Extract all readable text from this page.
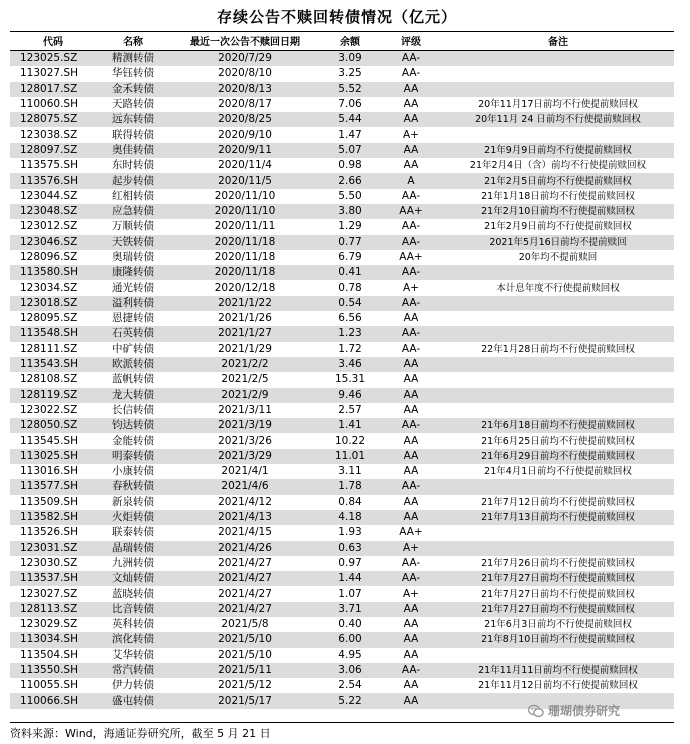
存续公告不赎回转债情况（亿元）
代码	名称	最近一次公告不赎回日期	余额	评级	备注
123025.SZ	精测转债	2020/7/29	3.09	AA-	
113027.SH	华钰转债	2020/8/10	3.25	AA-	
128017.SZ	金禾转债	2020/8/13	5.52	AA	
110060.SH	天路转债	2020/8/17	7.06	AA	20年11月17日前均不行使提前赎回权
128075.SZ	远东转债	2020/8/25	5.44	AA	20年11月 24 日前均不行使提前赎回权
123038.SZ	联得转债	2020/9/10	1.47	A+	
128097.SZ	奥佳转债	2020/9/11	5.07	AA	21年9月9日前均不行使提前赎回权
113575.SH	东时转债	2020/11/4	0.98	AA	21年2月4日（含）前均不行使提前赎回权
113576.SH	起步转债	2020/11/5	2.66	A	21年2月5日前均不行使提前赎回权
123044.SZ	红相转债	2020/11/10	5.50	AA-	21年1月18日前均不行使提前赎回权
123048.SZ	应急转债	2020/11/10	3.80	AA+	21年2月10日前均不行使提前赎回权
123012.SZ	万顺转债	2020/11/11	1.29	AA-	21年2月9日前均不行使提前赎回权
123046.SZ	天铁转债	2020/11/18	0.77	AA-	2021年5月16日前均不提前赎回
128096.SZ	奥瑞转债	2020/11/18	6.79	AA+	20年均不提前赎回
113580.SH	康隆转债	2020/11/18	0.41	AA-	
123034.SZ	通光转债	2020/12/18	0.78	A+	本计息年度不行使提前赎回权
123018.SZ	溢利转债	2021/1/22	0.54	AA-	
128095.SZ	恩捷转债	2021/1/26	6.56	AA	
113548.SH	石英转债	2021/1/27	1.23	AA-	
128111.SZ	中矿转债	2021/1/29	1.72	AA-	22年1月28日前均不行使提前赎回权
113543.SH	欧派转债	2021/2/2	3.46	AA	
128108.SZ	蓝帆转债	2021/2/5	15.31	AA	
128119.SZ	龙大转债	2021/2/9	9.46	AA	
123022.SZ	长信转债	2021/3/11	2.57	AA	
128050.SZ	钧达转债	2021/3/19	1.41	AA-	21年6月18日前均不行使提前赎回权
113545.SH	金能转债	2021/3/26	10.22	AA	21年6月25日前均不行使提前赎回权
113025.SH	明泰转债	2021/3/29	11.01	AA	21年6月29日前均不行使提前赎回权
113016.SH	小康转债	2021/4/1	3.11	AA	21年4月1日前均不行使提前赎回权
113577.SH	春秋转债	2021/4/6	1.78	AA-	
113509.SH	新泉转债	2021/4/12	0.84	AA	21年7月12日前均不行使提前赎回权
113582.SH	火炬转债	2021/4/13	4.18	AA	21年7月13日前均不行使提前赎回权
113526.SH	联泰转债	2021/4/15	1.93	AA+	
123031.SZ	晶瑞转债	2021/4/26	0.63	A+	
123030.SZ	九洲转债	2021/4/27	0.97	AA-	21年7月26日前均不行使提前赎回权
113537.SH	文灿转债	2021/4/27	1.44	AA-	21年7月27日前均不行使提前赎回权
123027.SZ	蓝晓转债	2021/4/27	1.07	A+	21年7月27日前均不行使提前赎回权
128113.SZ	比音转债	2021/4/27	3.71	AA	21年7月27日前均不行使提前赎回权
123029.SZ	英科转债	2021/5/8	0.40	AA	21年6月3日前均不行使提前赎回权
113034.SH	滨化转债	2021/5/10	6.00	AA	21年8月10日前均不行使提前赎回权
113504.SH	艾华转债	2021/5/10	4.95	AA	
113550.SH	常汽转债	2021/5/11	3.06	AA-	21年11月11日前均不行使提前赎回权
110055.SH	伊力转债	2021/5/12	2.54	AA	21年11月12日前均不行使提前赎回权
110066.SH	盛屯转债	2021/5/17	5.22	AA	
珊瑚债券研究
资料来源：Wind，海通证券研究所，截至 5 月 21 日
